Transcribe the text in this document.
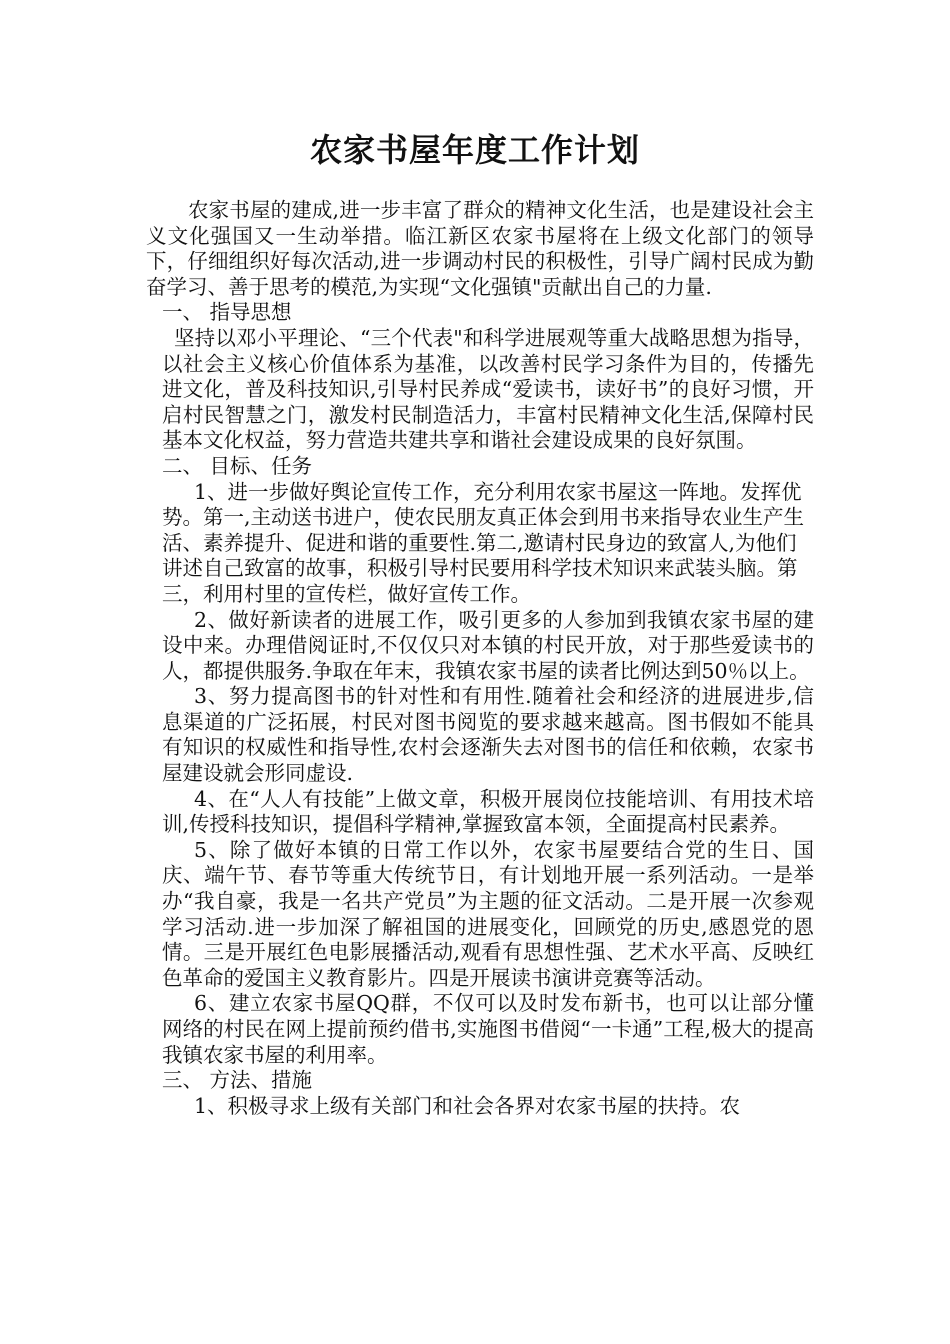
农家书屋年度工作计划

农家书屋的建成,进一步丰富了群众的精神文化生活，也是建设社会主义文化强国又一生动举措。临江新区农家书屋将在上级文化部门的领导下，仔细组织好每次活动,进一步调动村民的积极性，引导广阔村民成为勤奋学习、善于思考的模范,为实现“文化强镇"贡献出自己的力量.

一、 指导思想

坚持以邓小平理论、“三个代表"和科学进展观等重大战略思想为指导，以社会主义核心价值体系为基准，以改善村民学习条件为目的，传播先进文化，普及科技知识,引导村民养成“爱读书，读好书”的良好习惯，开启村民智慧之门，激发村民制造活力，丰富村民精神文化生活,保障村民基本文化权益，努力营造共建共享和谐社会建设成果的良好氛围。

二、 目标、任务

1、进一步做好舆论宣传工作，充分利用农家书屋这一阵地。发挥优势。第一,主动送书进户，使农民朋友真正体会到用书来指导农业生产生活、素养提升、促进和谐的重要性.第二,邀请村民身边的致富人,为他们讲述自己致富的故事，积极引导村民要用科学技术知识来武装头脑。第三，利用村里的宣传栏，做好宣传工作。

2、做好新读者的进展工作，吸引更多的人参加到我镇农家书屋的建设中来。办理借阅证时,不仅仅只对本镇的村民开放，对于那些爱读书的人，都提供服务.争取在年末，我镇农家书屋的读者比例达到50％以上。

3、努力提高图书的针对性和有用性.随着社会和经济的进展进步,信息渠道的广泛拓展，村民对图书阅览的要求越来越高。图书假如不能具有知识的权威性和指导性,农村会逐渐失去对图书的信任和依赖，农家书屋建设就会形同虚设.

4、在“人人有技能”上做文章，积极开展岗位技能培训、有用技术培训,传授科技知识，提倡科学精神,掌握致富本领，全面提高村民素养。

5、除了做好本镇的日常工作以外，农家书屋要结合党的生日、国庆、端午节、春节等重大传统节日，有计划地开展一系列活动。一是举办“我自豪，我是一名共产党员”为主题的征文活动。二是开展一次参观学习活动.进一步加深了解祖国的进展变化，回顾党的历史,感恩党的恩情。三是开展红色电影展播活动,观看有思想性强、艺术水平高、反映红色革命的爱国主义教育影片。四是开展读书演讲竞赛等活动。

6、建立农家书屋QQ群，不仅可以及时发布新书，也可以让部分懂网络的村民在网上提前预约借书,实施图书借阅“一卡通”工程,极大的提高我镇农家书屋的利用率。

三、 方法、措施

1、积极寻求上级有关部门和社会各界对农家书屋的扶持。农
